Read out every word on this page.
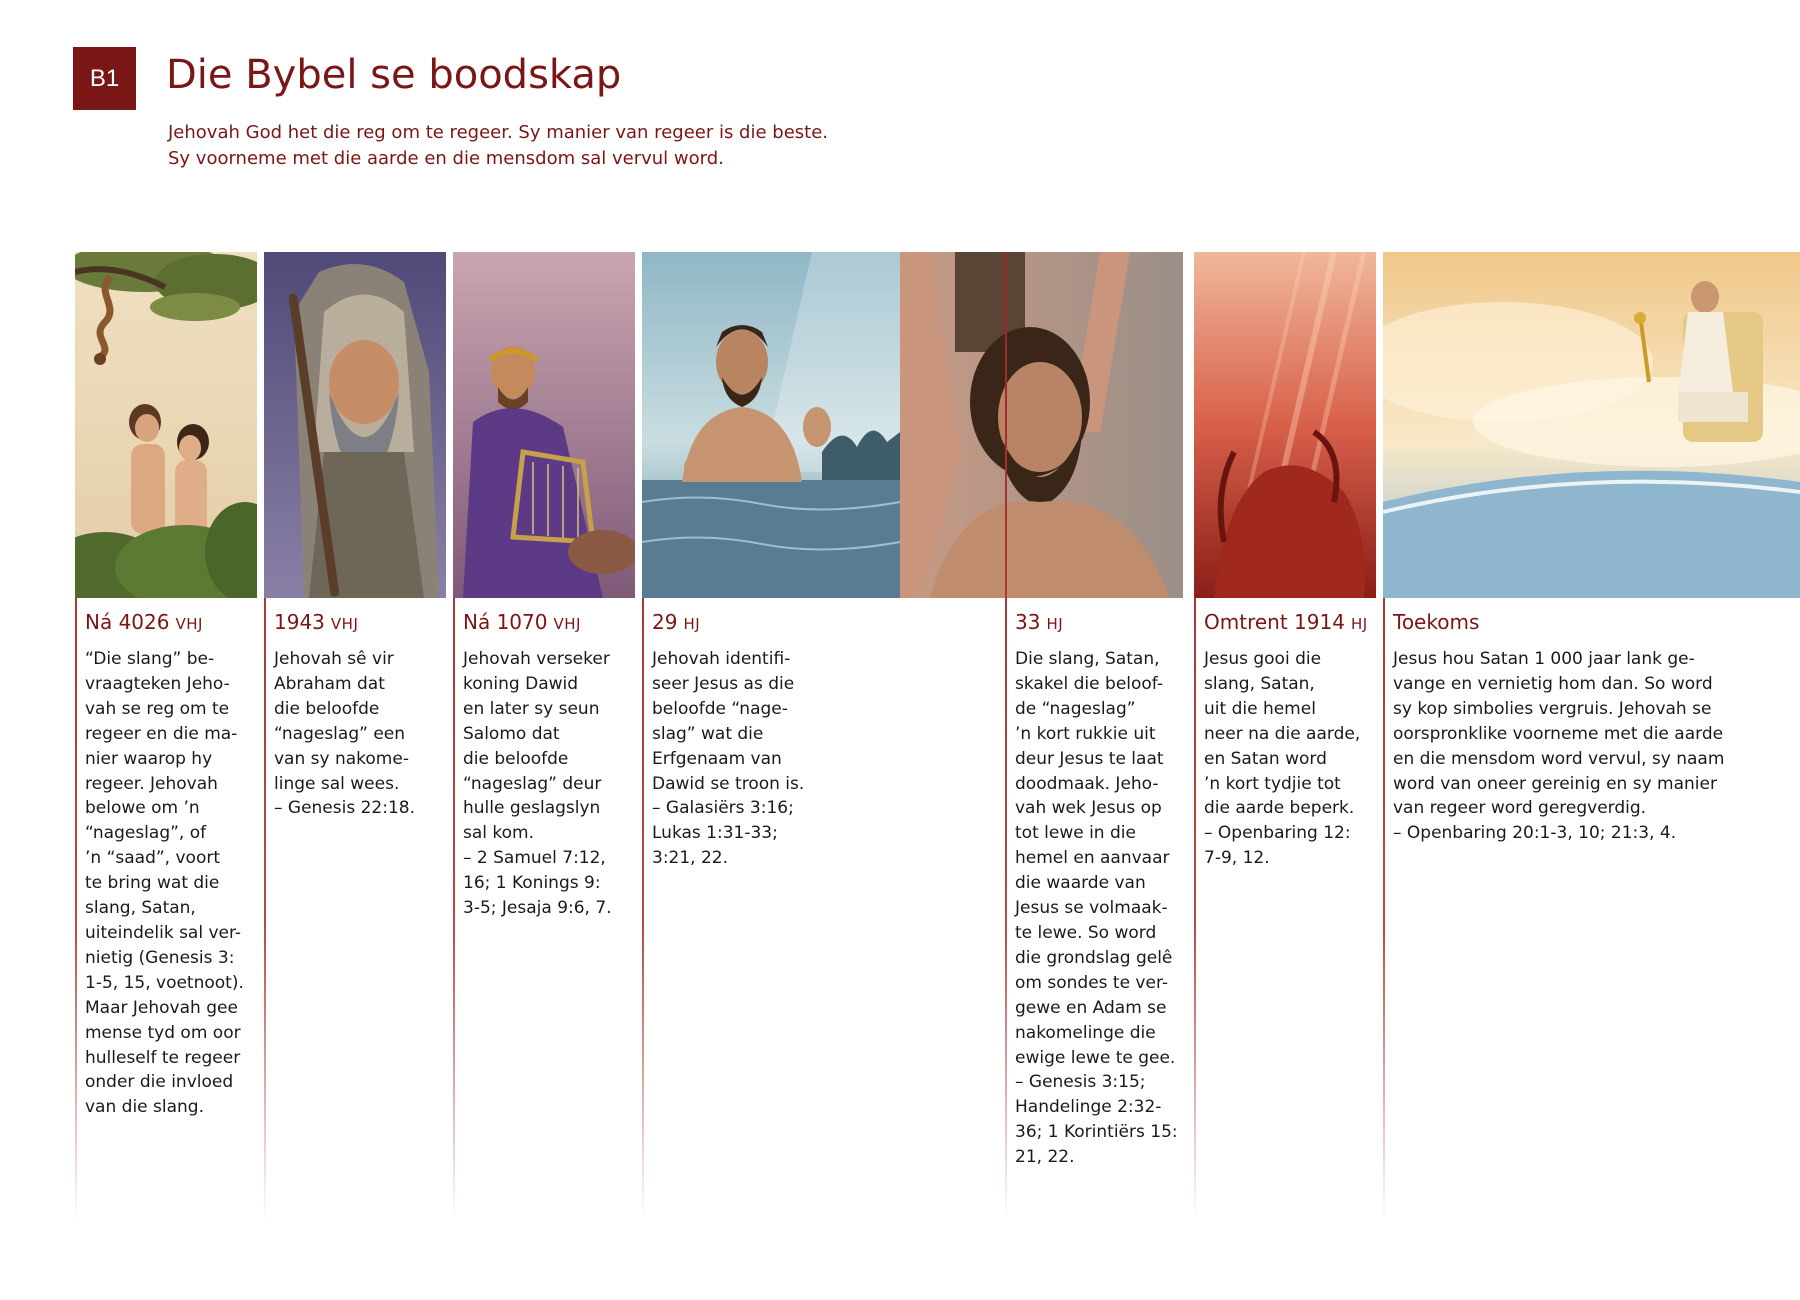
B1	Die Bybel se boodskap
Jehovah God het die reg om te regeer. Sy manier van regeer is die beste.
Sy voorneme met die aarde en die mensdom sal vervul word.
Ná 4026 VHJ
“Die slang” be-
vraagteken Jeho-
vah se reg om te
regeer en die ma-
nier waarop hy
regeer. Jehovah
belowe om ’n
“nageslag”, of
’n “saad”, voort
te bring wat die
slang, Satan,
uiteindelik sal ver-
nietig (Genesis 3:
1-5, 15, voetnoot).
Maar Jehovah gee
mense tyd om oor
hulleself te regeer
onder die invloed
van die slang.
1943 VHJ
Jehovah sê vir
Abraham dat
die beloofde
“nageslag” een
van sy nakome-
linge sal wees.
– Genesis 22:18.
Ná 1070 VHJ
Jehovah verseker
koning Dawid
en later sy seun
Salomo dat
die beloofde
“nageslag” deur
hulle geslagslyn
sal kom.
– 2 Samuel 7:12,
16; 1 Konings 9:
3-5; Jesaja 9:6, 7.
29 HJ
Jehovah identifi-
seer Jesus as die
beloofde “nage-
slag” wat die
Erfgenaam van
Dawid se troon is.
– Galasiërs 3:16;
Lukas 1:31-33;
3:21, 22.
33 HJ
Die slang, Satan,
skakel die beloof-
de “nageslag”
’n kort rukkie uit
deur Jesus te laat
doodmaak. Jeho-
vah wek Jesus op
tot lewe in die
hemel en aanvaar
die waarde van
Jesus se volmaak-
te lewe. So word
die grondslag gelê
om sondes te ver-
gewe en Adam se
nakomelinge die
ewige lewe te gee.
– Genesis 3:15;
Handelinge 2:32-
36; 1 Korintiërs 15:
21, 22.
Omtrent 1914 HJ
Jesus gooi die
slang, Satan,
uit die hemel
neer na die aarde,
en Satan word
’n kort tydjie tot
die aarde beperk.
– Openbaring 12:
7-9, 12.
Toekoms
Jesus hou Satan 1 000 jaar lank ge-
vange en vernietig hom dan. So word
sy kop simbolies vergruis. Jehovah se
oorspronklike voorneme met die aarde
en die mensdom word vervul, sy naam
word van oneer gereinig en sy manier
van regeer word geregverdig.
– Openbaring 20:1-3, 10; 21:3, 4.
